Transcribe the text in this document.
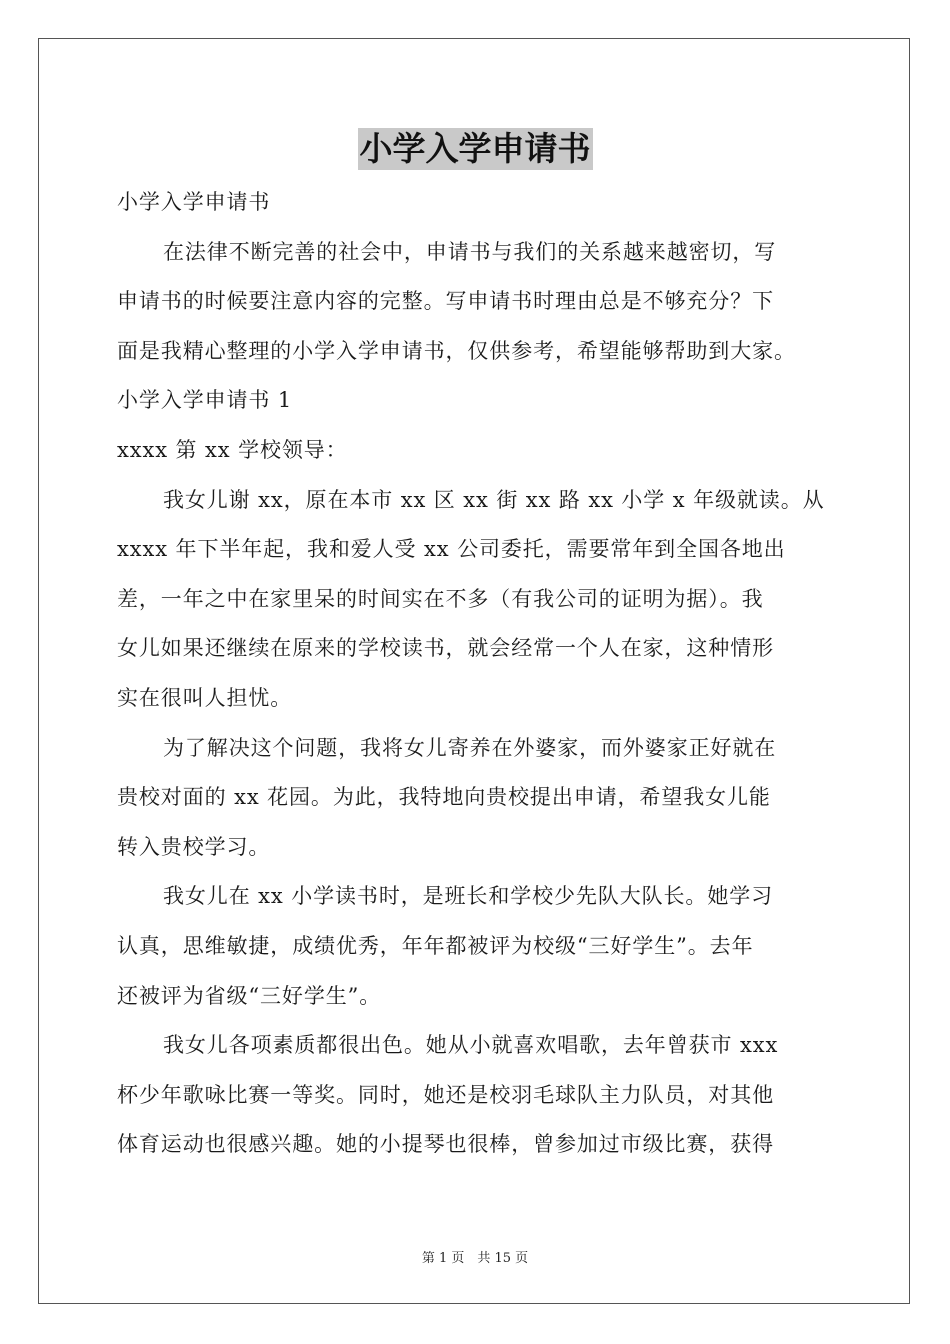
小学入学申请书
小学入学申请书
在法律不断完善的社会中，申请书与我们的关系越来越密切，写
申请书的时候要注意内容的完整。写申请书时理由总是不够充分？下
面是我精心整理的小学入学申请书，仅供参考，希望能够帮助到大家。
小学入学申请书 1
xxxx 第 xx 学校领导：
我女儿谢 xx，原在本市 xx 区 xx 街 xx 路 xx 小学 x 年级就读。从
xxxx 年下半年起，我和爱人受 xx 公司委托，需要常年到全国各地出
差，一年之中在家里呆的时间实在不多（有我公司的证明为据）。我
女儿如果还继续在原来的学校读书，就会经常一个人在家，这种情形
实在很叫人担忧。
为了解决这个问题，我将女儿寄养在外婆家，而外婆家正好就在
贵校对面的 xx 花园。为此，我特地向贵校提出申请，希望我女儿能
转入贵校学习。
我女儿在 xx 小学读书时，是班长和学校少先队大队长。她学习
认真，思维敏捷，成绩优秀，年年都被评为校级“三好学生”。去年
还被评为省级“三好学生”。
我女儿各项素质都很出色。她从小就喜欢唱歌，去年曾获市 xxx
杯少年歌咏比赛一等奖。同时，她还是校羽毛球队主力队员，对其他
体育运动也很感兴趣。她的小提琴也很棒，曾参加过市级比赛，获得
第 1 页　共 15 页
